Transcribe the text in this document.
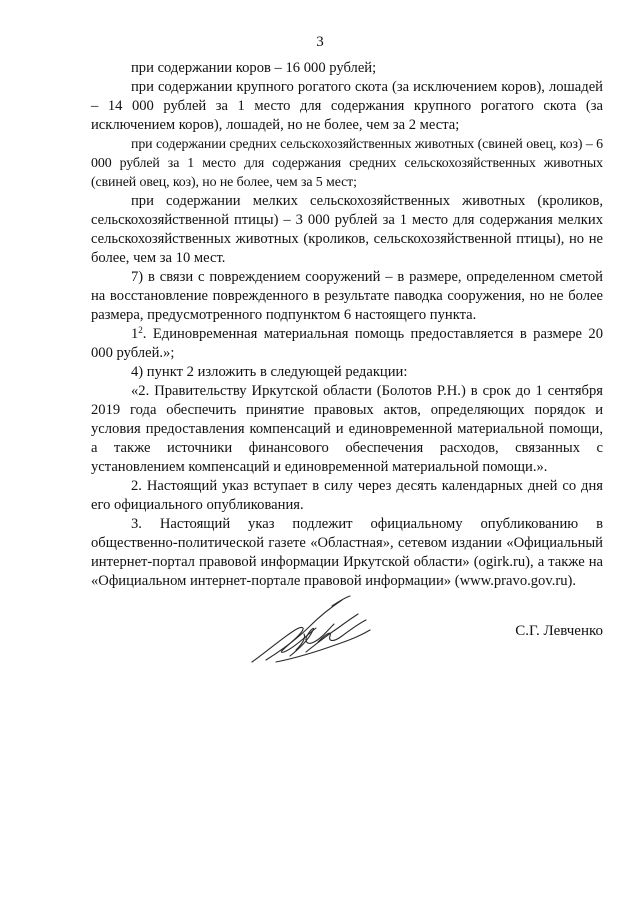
3

при содержании коров – 16 000 рублей;

при содержании крупного рогатого скота (за исключением коров), лошадей – 14 000 рублей за 1 место для содержания крупного рогатого скота (за исключением коров), лошадей, но не более, чем за 2 места;

при содержании средних сельскохозяйственных животных (свиней овец, коз) – 6 000 рублей за 1 место для содержания средних сельскохозяйственных животных (свиней овец, коз), но не более, чем за 5 мест;

при содержании мелких сельскохозяйственных животных (кроликов, сельскохозяйственной птицы) – 3 000 рублей за 1 место для содержания мелких сельскохозяйственных животных (кроликов, сельскохозяйственной птицы), но не более, чем за 10 мест.

7) в связи с повреждением сооружений – в размере, определенном сметой на восстановление поврежденного в результате паводка сооружения, но не более размера, предусмотренного подпунктом 6 настоящего пункта.

$1^2$. Единовременная материальная помощь предоставляется в размере 20 000 рублей.»;

4) пункт 2 изложить в следующей редакции:

«2. Правительству Иркутской области (Болотов Р.Н.) в срок до 1 сентября 2019 года обеспечить принятие правовых актов, определяющих порядок и условия предоставления компенсаций и единовременной материальной помощи, а также источники финансового обеспечения расходов, связанных с установлением компенсаций и единовременной материальной помощи.».

2. Настоящий указ вступает в силу через десять календарных дней со дня его официального опубликования.

3. Настоящий указ подлежит официальному опубликованию в общественно-политической газете «Областная», сетевом издании «Официальный интернет-портал правовой информации Иркутской области» (ogirk.ru), а также на «Официальном интернет-портале правовой информации» (www.pravo.gov.ru).

С.Г. Левченко
